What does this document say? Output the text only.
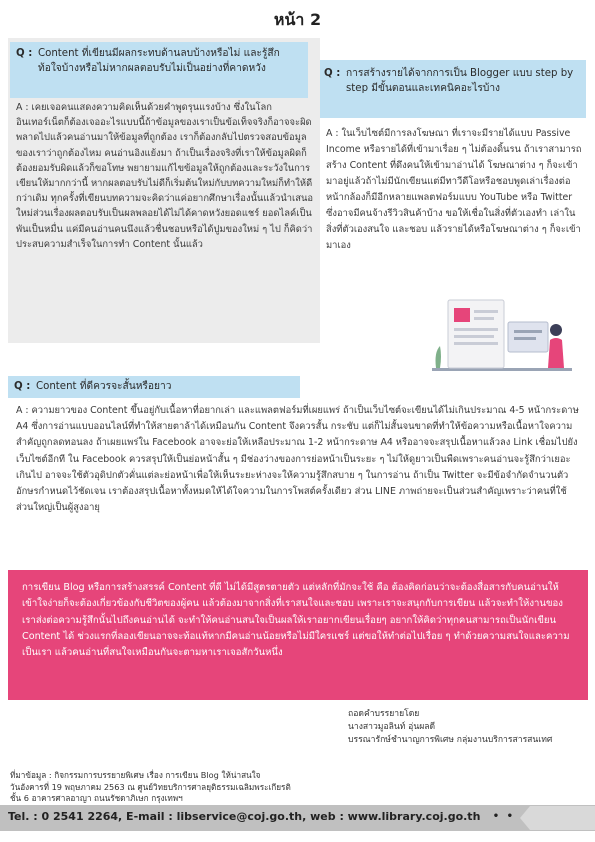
หน้า 2
Q : Content ที่เขียนมีผลกระทบด้านลบบ้างหรือไม่ และรู้สึกท้อใจบ้างหรือไม่หากผลตอบรับไม่เป็นอย่างที่คาดหวัง
A : เคยเจอคนแสดงความคิดเห็นด้วยคำพูดรุนแรงบ้าง ซึ่งในโลกอินเทอร์เน็ตก็ต้องเจออะไรแบบนี้ถ้าข้อมูลของเราเป็นข้อเท็จจริงก็อาจจะผิดพลาดไปแล้วคนอ่านมาให้ข้อมูลที่ถูกต้อง เราก็ต้องกลับไปตรวจสอบข้อมูลของเราว่าถูกต้องไหม คนอ่านอิงแย้งมา ถ้าเป็นเรื่องจริงที่เราให้ข้อมูลผิดก็ต้องยอมรับผิดแล้วก็ขอโทษ พยายามแก้ไขข้อมูลให้ถูกต้องและระวังในการเขียนให้มากกว่านี้ หากผลตอบรับไม่ดีก็เริ่มต้นใหม่กับบทความใหม่ก็ทำให้ดีกว่าเดิม ทุกครั้งที่เขียนบทความจะคิดว่าแค่อยากศึกษาเรื่องนั้นแล้วนำเสนอใหม่ส่วนเรื่องผลตอบรับเป็นผลพลอยได้ไม่ได้คาดหวังยอดแชร์ ยอดไลค์เป็นพันเป็นหมื่น แค่มีคนอ่านคนนึงแล้วชื่นชอบหรือได้ปูมของใหม่ ๆ ไป ก็คิดว่าประสบความสำเร็จในการทำ Content นั้นแล้ว
Q : การสร้างรายได้จากการเป็น Blogger แบบ step by step มีขั้นตอนและเทคนิคอะไรบ้าง
A : ในเว็บไซต์มีการลงโฆษณา ที่เราจะมีรายได้แบบ Passive Income หรือรายได้ที่เข้ามาเรื่อย ๆ ไม่ต้องดิ้นรน ถ้าเราสามารถสร้าง Content ที่ดึงคนให้เข้ามาอ่านได้ โฆษณาต่าง ๆ ก็จะเข้ามาอยู่แล้วถ้าไม่มีนักเขียนแต่มีทาวีดีโอหรือชอบพูดเล่าเรื่องต่อหน้ากล้องก็มีอีกหลายแพลตฟอร์มแบบ YouTube หรือ Twitter ซึ่งอาจมีคนจ้างรีวิวสินค้าบ้าง ขอให้เชื่อในสิ่งที่ตัวเองทำ เล่าในสิ่งที่ตัวเองสนใจ และชอบ แล้วรายได้หรือโฆษณาต่าง ๆ ก็จะเข้ามาเอง
Q : Content ที่ดีควรจะสั้นหรือยาว
A : ความยาวของ Content ขึ้นอยู่กับเนื้อหาที่อยากเล่า และแพลตฟอร์มที่เผยแพร่ ถ้าเป็นเว็บไซต์จะเขียนได้ไม่เกินประมาณ 4-5 หน้ากระดาษ A4 ซึ่งการอ่านแบบออนไลน์ที่ทำให้สายตาล้าได้เหมือนกัน Content จึงควรสั้น กระชับ แต่ก็ไม่สั้นจนขาดที่ทำให้ข้อความหรือเนื้อหาใจความสำคัญถูกลดทอนลง ถ้าเผยแพร่ใน Facebook อาจจะย่อให้เหลือประมาณ 1-2 หน้ากระดาษ A4 หรืออาจจะสรุปเนื้อหาแล้วลง Link เชื่อมไปยังเว็บไซต์อีกที ใน Facebook ควรสรุปให้เป็นย่อหน้าสั้น ๆ มีช่องว่างของการย่อหน้าเป็นระยะ ๆ ไม่ให้ดูยาวเป็นพืดเพราะคนอ่านจะรู้สึกว่าเยอะเกินไป อาจจะใช้ตัวอุดิปกตัวคั่นแต่ละย่อหน้าเพื่อให้เห็นระยะห่างจะให้ความรู้สึกสบาย ๆ ในการอ่าน ถ้าเป็น Twitter จะมีข้อจำกัดจำนวนตัวอักษรกำหนดไว้ชัดเจน เราต้องสรุปเนื้อหาทั้งหมดให้ได้ใจความในการโพสต์ครั้งเดียว ส่วน LINE ภาพถ่ายจะเป็นส่วนสำคัญเพราะว่าคนที่ใช้ส่วนใหญ่เป็นผู้สูงอายุ
การเขียน Blog หรือการสร้างสรรค์ Content ที่ดี ไม่ได้มีสูตรตายตัว แต่หลักที่มักจะใช้ คือ ต้องคิดก่อนว่าจะต้องสื่อสารกับคนอ่านให้เข้าใจง่ายก็จะต้องเกี่ยวข้องกับชีวิตของผู้คน แล้วต้องมาจากสิ่งที่เราสนใจและชอบ เพราะเราจะสนุกกับการเขียน แล้วจะทำให้งานของเราส่งต่อความรู้สึกนั้นไปถึงคนอ่านได้ จะทำให้คนอ่านสนใจเป็นผลให้เราอยากเขียนเรื่อยๆ อยากให้คิดว่าทุกคนสามารถเป็นนักเขียน Content ได้ ช่วงแรกที่ลองเขียนอาจจะท้อแท้หากมีคนอ่านน้อยหรือไม่มีใครแชร์ แต่ขอให้ทำต่อไปเรื่อย ๆ ทำด้วยความสนใจและความเป็นเรา แล้วคนอ่านที่สนใจเหมือนกันจะตามหาเราเจอสักวันหนึ่ง
ถอดคำบรรยายโดย
นางสาวมูอลินท์ อุ่นผลดี
บรรณารักษ์ชำนาญการพิเศษ กลุ่มงานบริการสารสนเทศ
ที่มาข้อมูล : กิจกรรมการบรรยายพิเศษ เรื่อง การเขียน Blog ให้น่าสนใจ
วันอังคารที่ 19 พฤษภาคม 2563 ณ ศูนย์วิทยบริการศาลยุติธรรมเฉลิมพระเกียรติ
ชั้น 6 อาคารศาลอาญา ถนนรัชดาภิเษก กรุงเทพฯ
Tel. : 0 2541 2264, E-mail : libservice@coj.go.th, web : www.library.coj.go.th • •
